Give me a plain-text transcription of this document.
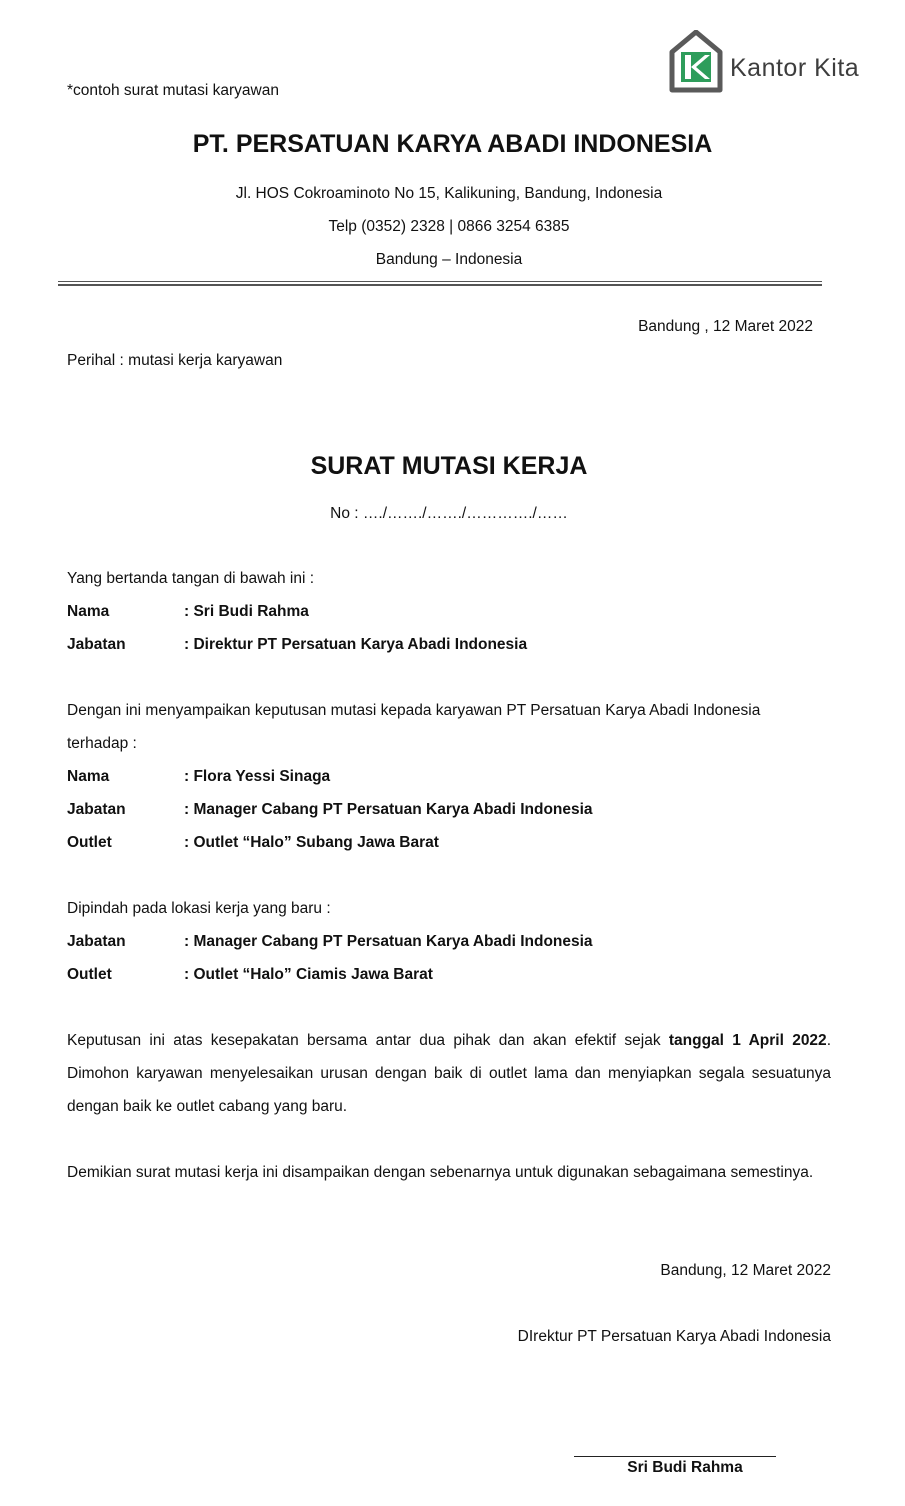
*contoh surat mutasi karyawan
Kantor Kita
PT. PERSATUAN KARYA ABADI INDONESIA
Jl. HOS Cokroaminoto No 15, Kalikuning, Bandung, Indonesia
Telp (0352) 2328 | 0866 3254 6385
Bandung – Indonesia
Bandung , 12 Maret 2022
Perihal : mutasi kerja karyawan
SURAT MUTASI KERJA
No : …./……./……./…………./……
Yang bertanda tangan di bawah ini :
Nama	: Sri Budi Rahma
Jabatan	: Direktur PT Persatuan Karya Abadi Indonesia
Dengan ini menyampaikan keputusan mutasi kepada karyawan PT Persatuan Karya Abadi Indonesia
terhadap :
Nama	: Flora Yessi Sinaga
Jabatan	: Manager Cabang PT Persatuan Karya Abadi Indonesia
Outlet	: Outlet “Halo” Subang Jawa Barat
Dipindah pada lokasi kerja yang baru :
Jabatan	: Manager Cabang PT Persatuan Karya Abadi Indonesia
Outlet	: Outlet “Halo” Ciamis Jawa Barat
Keputusan ini atas kesepakatan bersama antar dua pihak dan akan efektif sejak tanggal 1 April 2022. Dimohon karyawan menyelesaikan urusan dengan baik di outlet lama dan menyiapkan segala sesuatunya dengan baik ke outlet cabang yang baru.
Demikian surat mutasi kerja ini disampaikan dengan sebenarnya untuk digunakan sebagaimana semestinya.
Bandung, 12 Maret 2022
DIrektur PT Persatuan Karya Abadi Indonesia
Sri Budi Rahma
